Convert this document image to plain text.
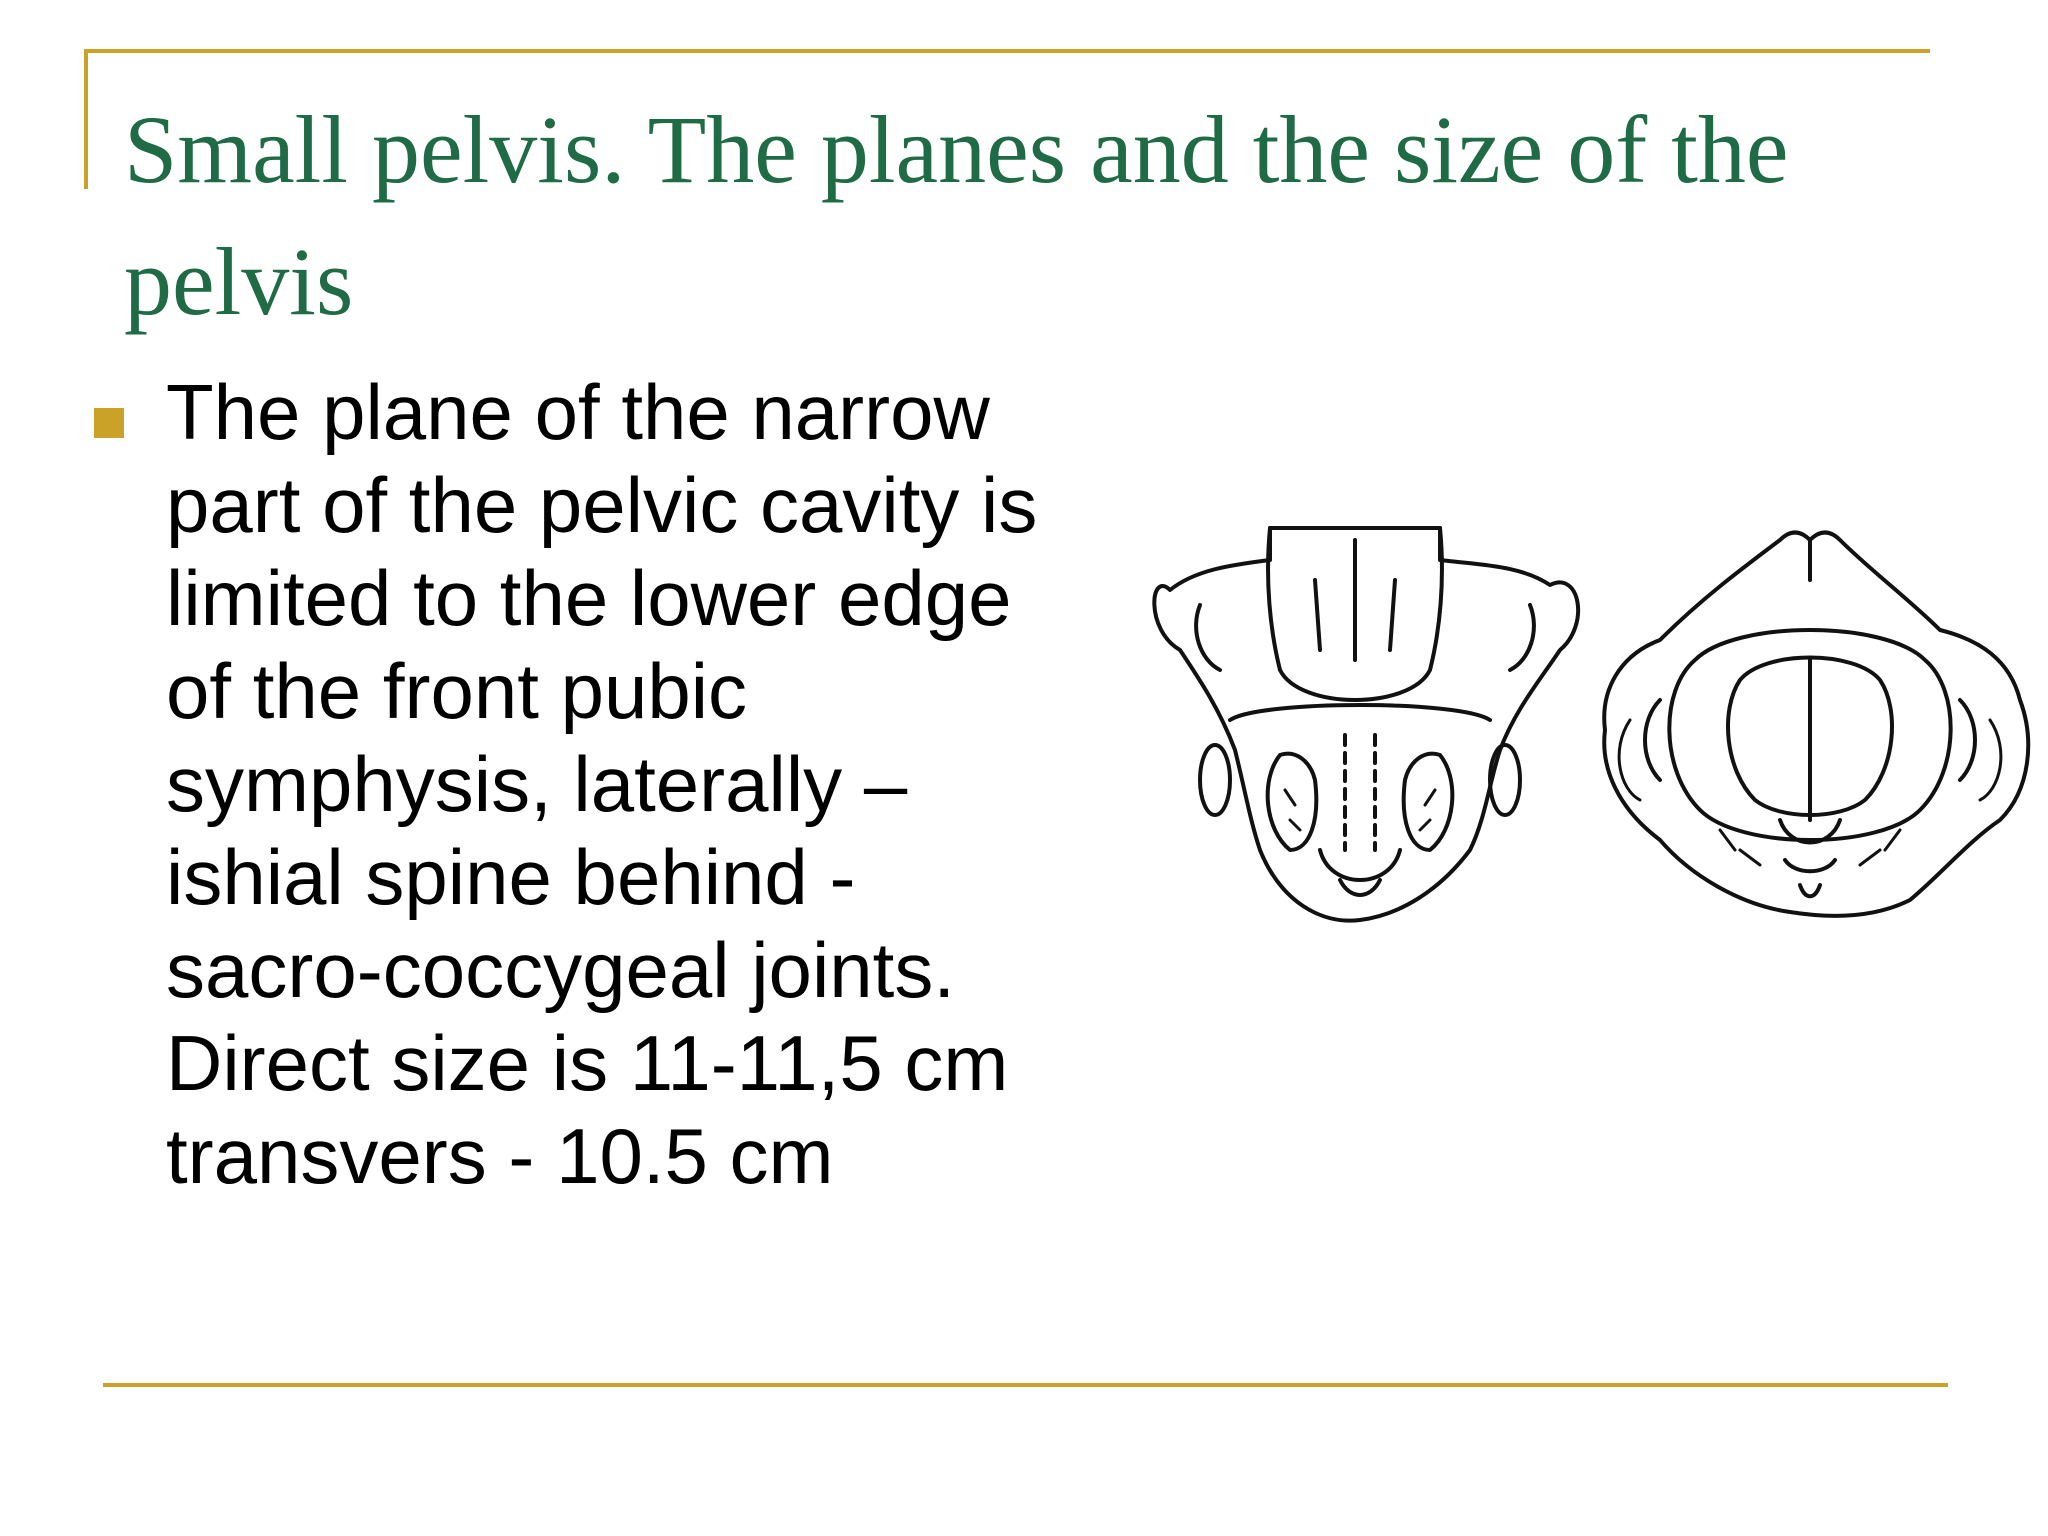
Small pelvis. The planes and the size of the pelvis

The plane of the narrow
part of the pelvic cavity is
limited to the lower edge
of the front pubic
symphysis, laterally –
ishial spine behind -
sacro-coccygeal joints.
Direct size is 11-11,5 cm
transvers - 10.5 cm
